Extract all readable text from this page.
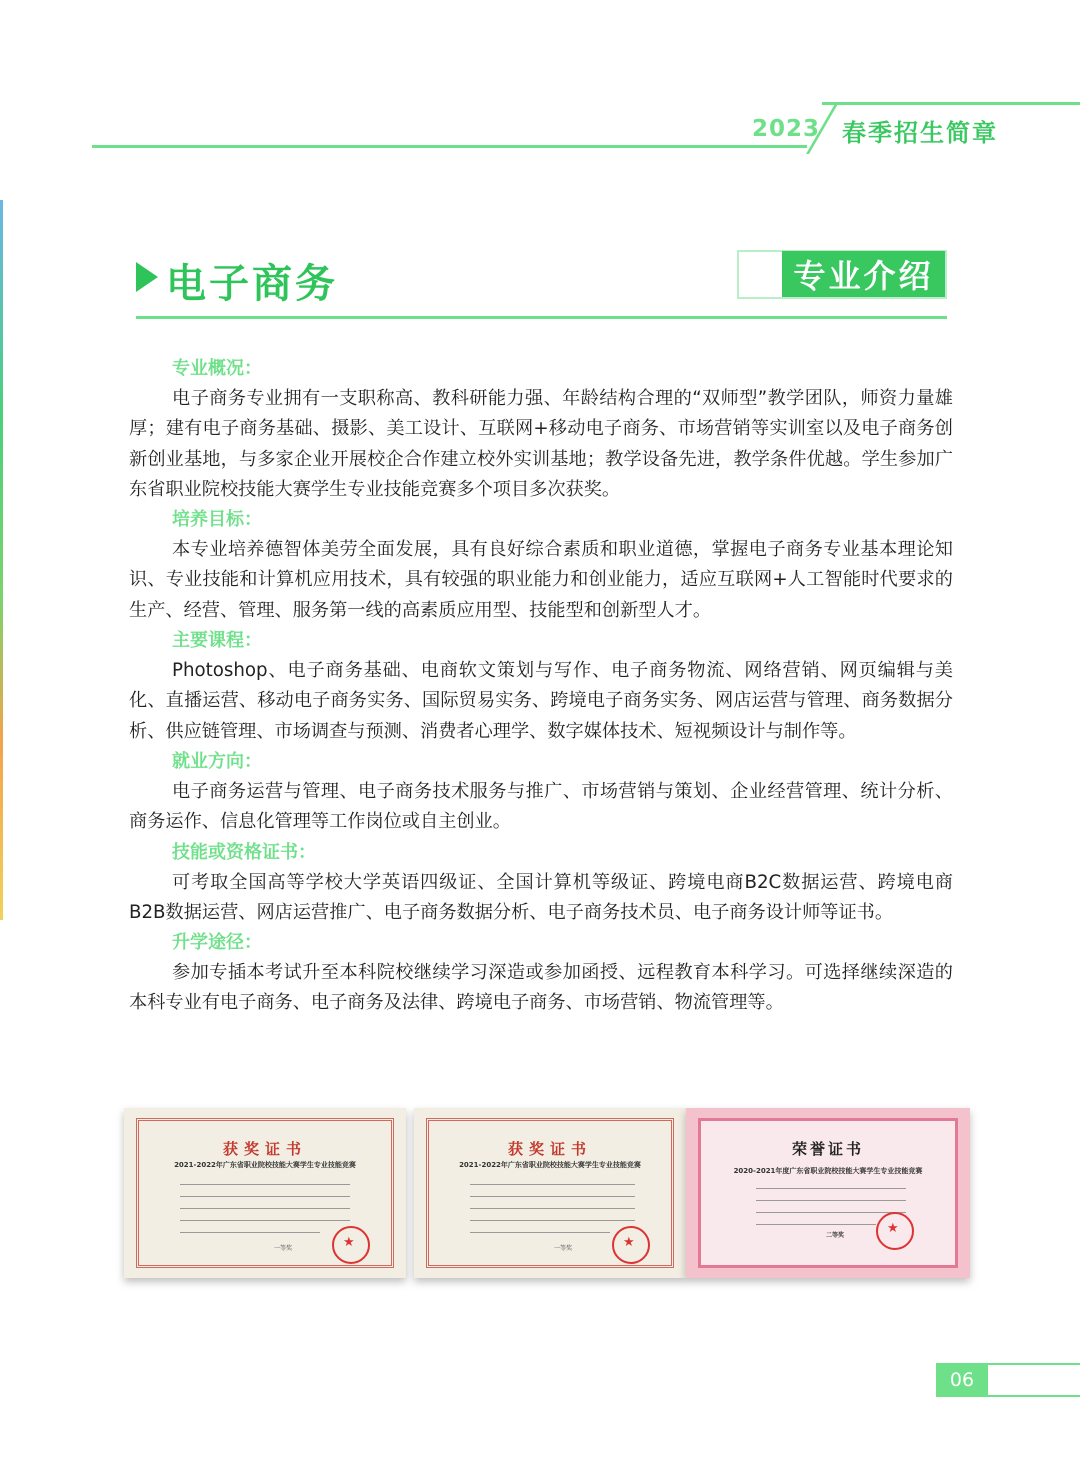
2023 春季招生简章
电子商务	专业介绍
专业概况：
电子商务专业拥有一支职称高、教科研能力强、年龄结构合理的“双师型”教学团队，师资力量雄厚；建有电子商务基础、摄影、美工设计、互联网+移动电子商务、市场营销等实训室以及电子商务创新创业基地，与多家企业开展校企合作建立校外实训基地；教学设备先进，教学条件优越。学生参加广东省职业院校技能大赛学生专业技能竞赛多个项目多次获奖。
培养目标：
本专业培养德智体美劳全面发展，具有良好综合素质和职业道德，掌握电子商务专业基本理论知识、专业技能和计算机应用技术，具有较强的职业能力和创业能力，适应互联网+人工智能时代要求的生产、经营、管理、服务第一线的高素质应用型、技能型和创新型人才。
主要课程：
Photoshop、电子商务基础、电商软文策划与写作、电子商务物流、网络营销、网页编辑与美化、直播运营、移动电子商务实务、国际贸易实务、跨境电子商务实务、网店运营与管理、商务数据分析、供应链管理、市场调查与预测、消费者心理学、数字媒体技术、短视频设计与制作等。
就业方向：
电子商务运营与管理、电子商务技术服务与推广、市场营销与策划、企业经营管理、统计分析、商务运作、信息化管理等工作岗位或自主创业。
技能或资格证书：
可考取全国高等学校大学英语四级证、全国计算机等级证、跨境电商B2C数据运营、跨境电商B2B数据运营、网店运营推广、电子商务数据分析、电子商务技术员、电子商务设计师等证书。
升学途径：
参加专插本考试升至本科院校继续学习深造或参加函授、远程教育本科学习。可选择继续深造的本科专业有电子商务、电子商务及法律、跨境电子商务、市场营销、物流管理等。
获奖证书
2021-2022年广东省职业院校技能大赛学生专业技能竞赛
一等奖
★
获奖证书
2021-2022年广东省职业院校技能大赛学生专业技能竞赛
一等奖
★
荣誉证书
2020-2021年度广东省职业院校技能大赛学生专业技能竞赛
二等奖
★
06
